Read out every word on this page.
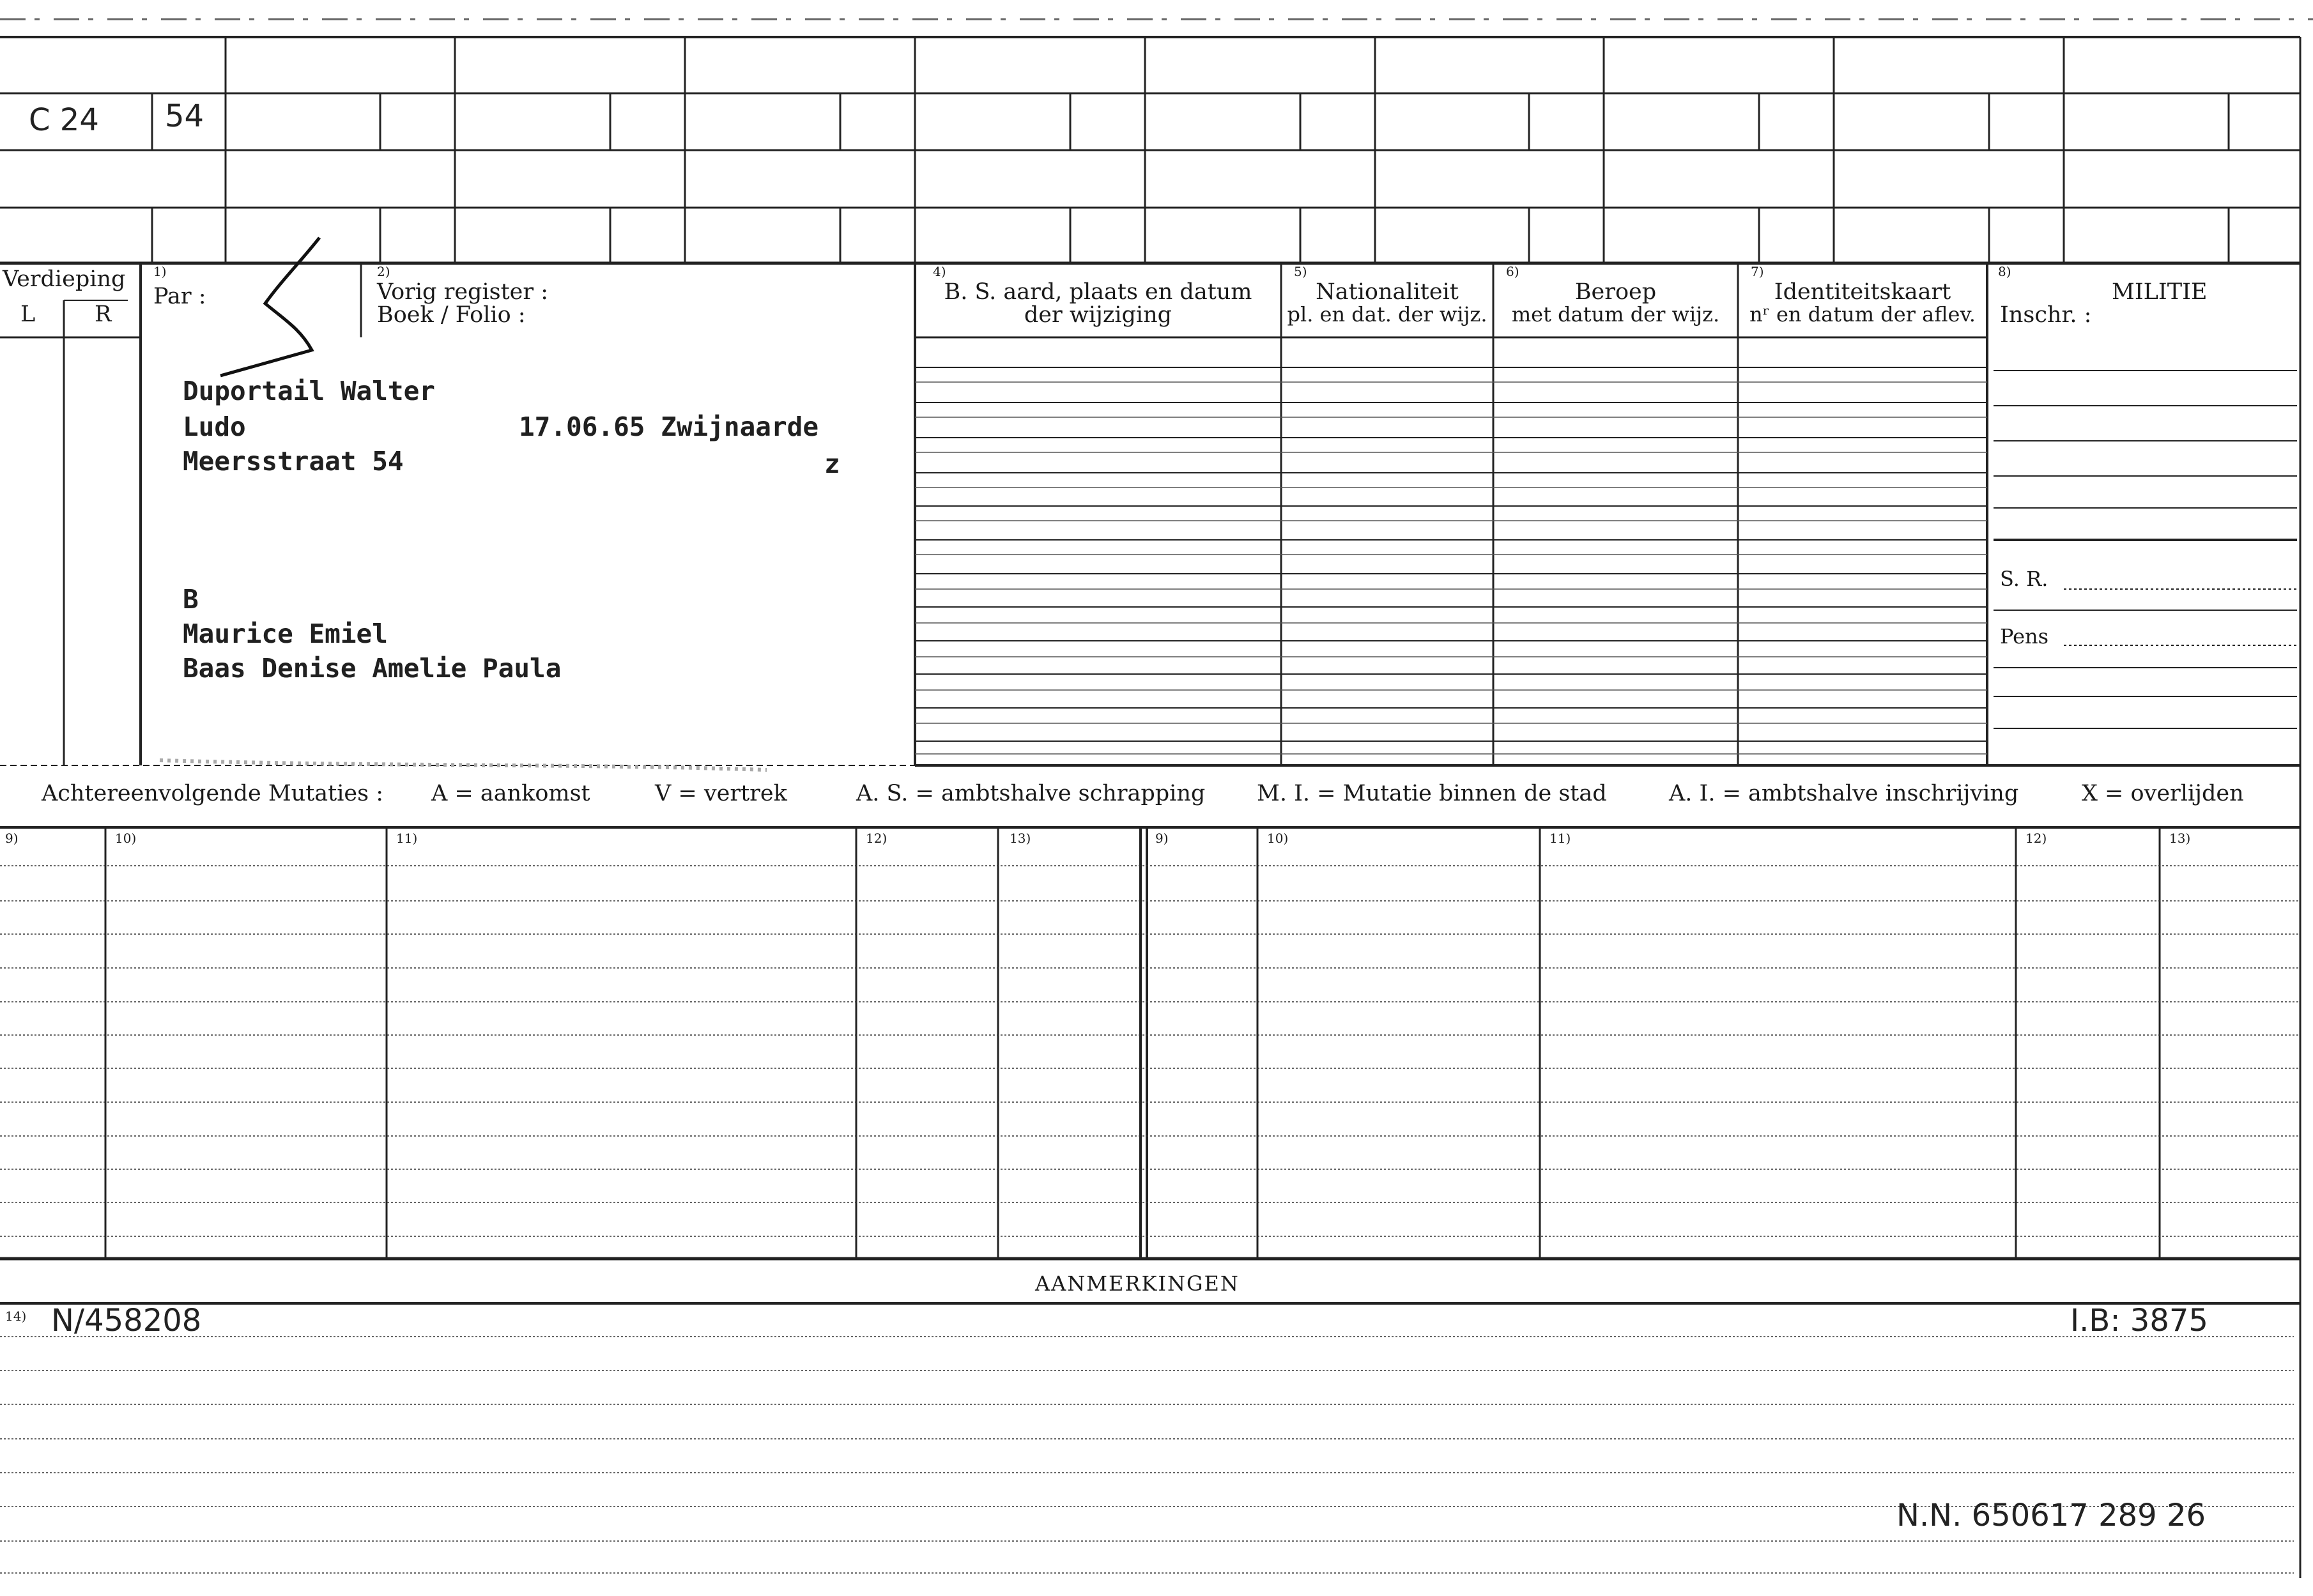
C 24 54
Verdieping
L	R
1)
Par :
2)
Vorig register :
Boek / Folio :
4)
B. S. aard, plaats en datum
der wijziging
5)
Nationaliteit
pl. en dat. der wijz.
6)
Beroep
met datum der wijz.
7)
Identiteitskaart
nʳ en datum der aflev.
8)
MILITIE
Inschr. :
S. R.
Pens
Duportail Walter
Ludo	17.06.65 Zwijnaarde
Meersstraat 54	z
B
Maurice Emiel
Baas Denise Amelie Paula
Achtereenvolgende Mutaties : A = aankomst	V = vertrek	A. S. = ambtshalve schrapping M. I. = Mutatie binnen de stad	A. I. = ambtshalve inschrijving	X = overlijden
9)	10)	11)	12)	13)	9)	10)	11)	12)	13)
AANMERKINGEN
14) N/458208	I.B: 3875
N.N. 650617 289 26
